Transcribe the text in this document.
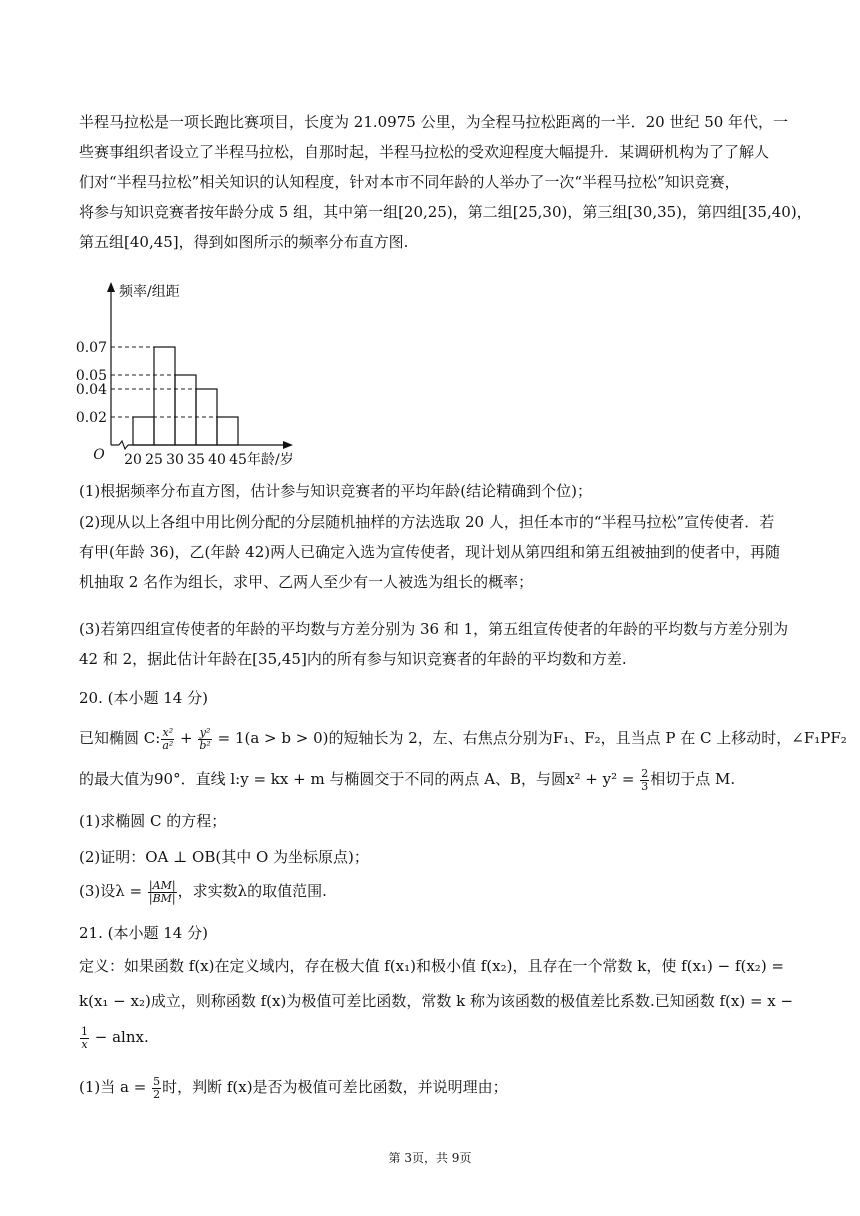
半程马拉松是一项长跑比赛项目，长度为 21.0975 公里，为全程马拉松距离的一半．20 世纪 50 年代，一

些赛事组织者设立了半程马拉松，自那时起，半程马拉松的受欢迎程度大幅提升．某调研机构为了了解人

们对“半程马拉松”相关知识的认知程度，针对本市不同年龄的人举办了一次“半程马拉松”知识竞赛，

将参与知识竞赛者按年龄分成 5 组，其中第一组[20,25)，第二组[25,30)，第三组[30,35)，第四组[35,40)，

第五组[40,45]，得到如图所示的频率分布直方图.

0.02
0.04
0.05
0.07
20 25 30 35 40 45
O
频率/组距
年龄/岁

(1)根据频率分布直方图，估计参与知识竞赛者的平均年龄(结论精确到个位)；

(2)现从以上各组中用比例分配的分层随机抽样的方法选取 20 人，担任本市的“半程马拉松”宣传使者．若

有甲(年龄 36)，乙(年龄 42)两人已确定入选为宣传使者，现计划从第四组和第五组被抽到的使者中，再随

机抽取 2 名作为组长，求甲、乙两人至少有一人被选为组长的概率；

(3)若第四组宣传使者的年龄的平均数与方差分别为 36 和 1，第五组宣传使者的年龄的平均数与方差分别为

42 和 2，据此估计年龄在[35,45]内的所有参与知识竞赛者的年龄的平均数和方差.

20. (本小题 14 分)

已知椭圆 C: $\frac{\text{x²}}{\text{a²}} + \frac{\text{y²}}{\text{b²}} = 1(a > b > 0)$的短轴长为 2，左、右焦点分别为F₁、F₂，且当点 P 在 C 上移动时，∠F₁PF₂

的最大值为90°．直线 l:y = kx + m 与椭圆交于不同的两点 A、B，与圆$x^2 + y^2 = \frac{2}{3}$ 相切于点 M.

(1)求椭圆 C 的方程；

(2)证明：OA ⊥ OB(其中 O 为坐标原点)；

(3)设$\lambda = \frac{|AM|}{|BM|}$ ，求实数λ的取值范围.

21. (本小题 14 分)

定义：如果函数 f(x)在定义域内，存在极大值 f(x₁)和极小值 f(x₂)，且存在一个常数 k，使 f(x₁) − f(x₂) =

k(x₁ − x₂)成立，则称函数 f(x)为极值可差比函数，常数 k 称为该函数的极值差比系数.已知函数 f(x) = x −

$\frac{1}{x} - alnx$.

(1)当 $a = \frac{5}{2}$ 时，判断 f(x)是否为极值可差比函数，并说明理由；

第 3页，共 9页
